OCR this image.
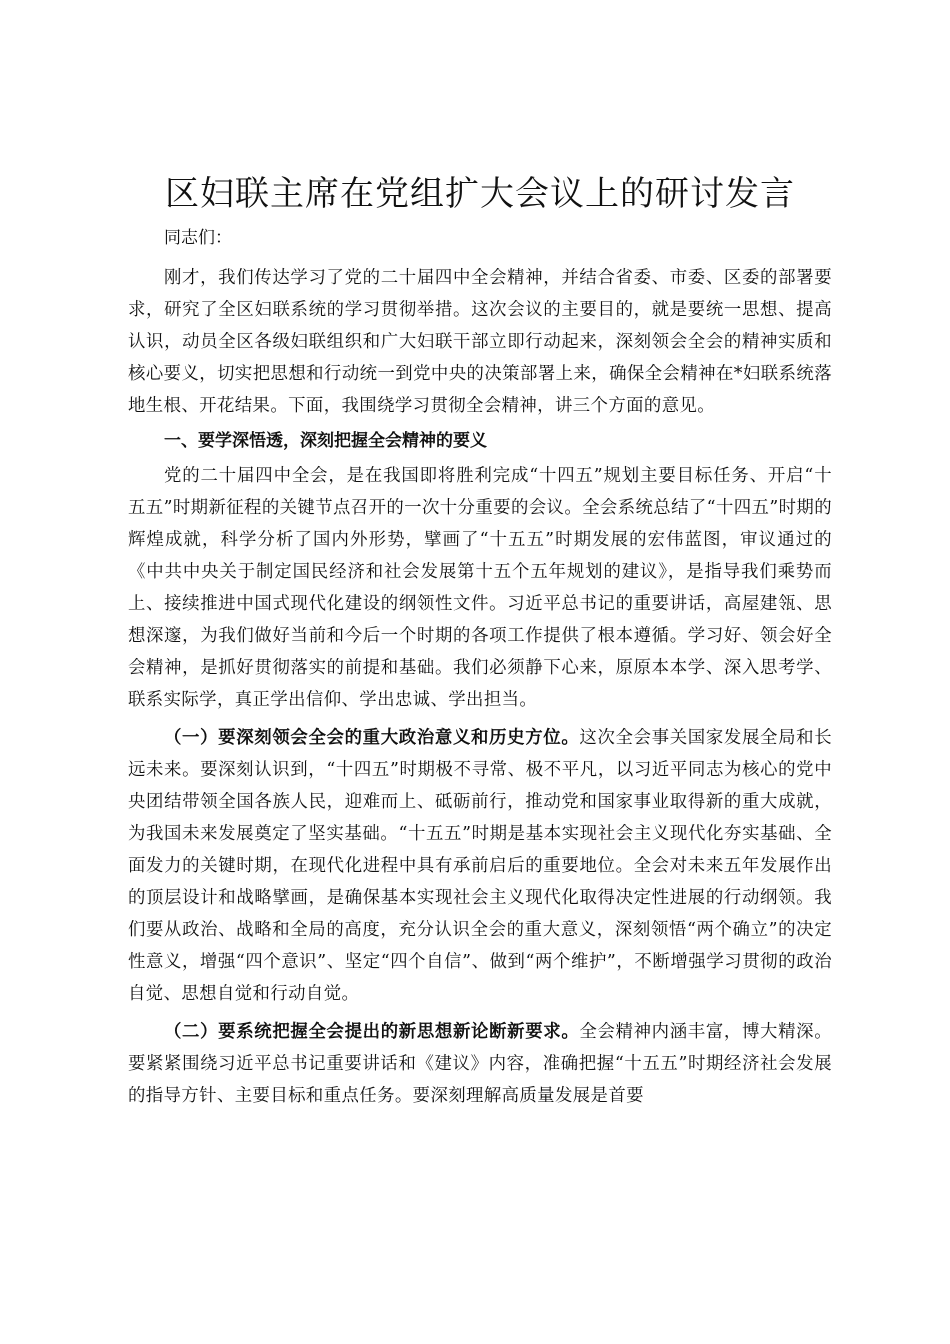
区妇联主席在党组扩大会议上的研讨发言

同志们：

刚才，我们传达学习了党的二十届四中全会精神，并结合省委、市委、区委的部署要求，研究了全区妇联系统的学习贯彻举措。这次会议的主要目的，就是要统一思想、提高认识，动员全区各级妇联组织和广大妇联干部立即行动起来，深刻领会全会的精神实质和核心要义，切实把思想和行动统一到党中央的决策部署上来，确保全会精神在*妇联系统落地生根、开花结果。下面，我围绕学习贯彻全会精神，讲三个方面的意见。

一、要学深悟透，深刻把握全会精神的要义

党的二十届四中全会，是在我国即将胜利完成“十四五”规划主要目标任务、开启“十五五”时期新征程的关键节点召开的一次十分重要的会议。全会系统总结了“十四五”时期的辉煌成就，科学分析了国内外形势，擘画了“十五五”时期发展的宏伟蓝图，审议通过的《中共中央关于制定国民经济和社会发展第十五个五年规划的建议》，是指导我们乘势而上、接续推进中国式现代化建设的纲领性文件。习近平总书记的重要讲话，高屋建瓴、思想深邃，为我们做好当前和今后一个时期的各项工作提供了根本遵循。学习好、领会好全会精神，是抓好贯彻落实的前提和基础。我们必须静下心来，原原本本学、深入思考学、联系实际学，真正学出信仰、学出忠诚、学出担当。

（一）要深刻领会全会的重大政治意义和历史方位。这次全会事关国家发展全局和长远未来。要深刻认识到，“十四五”时期极不寻常、极不平凡，以习近平同志为核心的党中央团结带领全国各族人民，迎难而上、砥砺前行，推动党和国家事业取得新的重大成就，为我国未来发展奠定了坚实基础。“十五五”时期是基本实现社会主义现代化夯实基础、全面发力的关键时期，在现代化进程中具有承前启后的重要地位。全会对未来五年发展作出的顶层设计和战略擘画，是确保基本实现社会主义现代化取得决定性进展的行动纲领。我们要从政治、战略和全局的高度，充分认识全会的重大意义，深刻领悟“两个确立”的决定性意义，增强“四个意识”、坚定“四个自信”、做到“两个维护”，不断增强学习贯彻的政治自觉、思想自觉和行动自觉。

（二）要系统把握全会提出的新思想新论断新要求。全会精神内涵丰富，博大精深。要紧紧围绕习近平总书记重要讲话和《建议》内容，准确把握“十五五”时期经济社会发展的指导方针、主要目标和重点任务。要深刻理解高质量发展是首要
